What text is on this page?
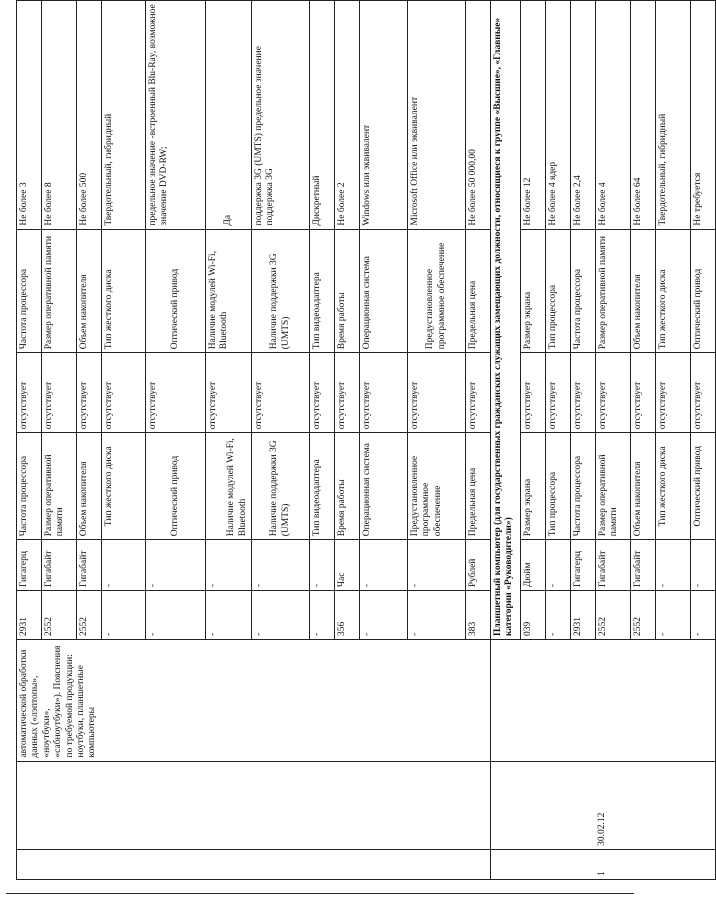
		автоматической обработки данных («лэптопы», «ноутбуки», «сабноутбуки»). Пояснения по требуемой продукции: ноутбуки, планшетные компьютеры	2931	Гигагерц	Частота процессора	отсутствует	Частота процессора	Не более 3
			2552	Гигабайт	Размер оперативной памяти	отсутствует	Размер оперативной памяти	Не более 8
			2552	Гигабайт	Объем накопителя	отсутствует	Объем накопителя	Не более 500
			-	-	Тип жесткого диска	отсутствует	Тип жесткого диска	Твердотельный, гибридный
			-	-	Оптический привод	отсутствует	Оптический привод	предельное значение -встроенный Blu-Ray, возможное значение DVD-RW;
			-	-	Наличие модулей Wi-Fi, Bluetooth	отсутствует	Наличие модулей Wi-Fi, Bluetooth	Да
			-	-	Наличие поддержки 3G (UMTS)	отсутствует	Наличие поддержки 3G (UMTS)	поддержка 3G (UMTS) предельное значение поддержка 3G
			-	-	Тип видеоадаптера	отсутствует	Тип видеоадаптера	Дискретный
			356	Час	Время работы	отсутствует	Время работы	Не более 2
			-	-	Операционная система	отсутствует	Операционная система	Windows или эквивалент
			-	-	Предустановленное программное обеспечение	отсутствует	Предустановленное программное обеспечение	Microsoft Office или эквивалент
			383	Рублей	Предельная цена	отсутствует	Предельная цена	Не более 50 000,00
1	30.02.12		Планшетный компьютер (для государственных гражданских служащих замещающих должности, относящиеся к группе «Высшие», «Главные» категории «Руководители»)					
			039	Дюйм	Размер экрана	отсутствует	Размер экрана	Не более 12
			-	-	Тип процессора	отсутствует	Тип процессора	Не более 4 ядер
			2931	Гигагерц	Частота процессора	отсутствует	Частота процессора	Не более 2,4
			2552	Гигабайт	Размер оперативной памяти	отсутствует	Размер оперативной памяти	Не более 4
			2552	Гигабайт	Объем накопителя	отсутствует	Объем накопителя	Не более 64
			-	-	Тип жесткого диска	отсутствует	Тип жесткого диска	Твердотельный, гибридный
			-	-	Оптический привод	отсутствует	Оптический привод	Не требуется
